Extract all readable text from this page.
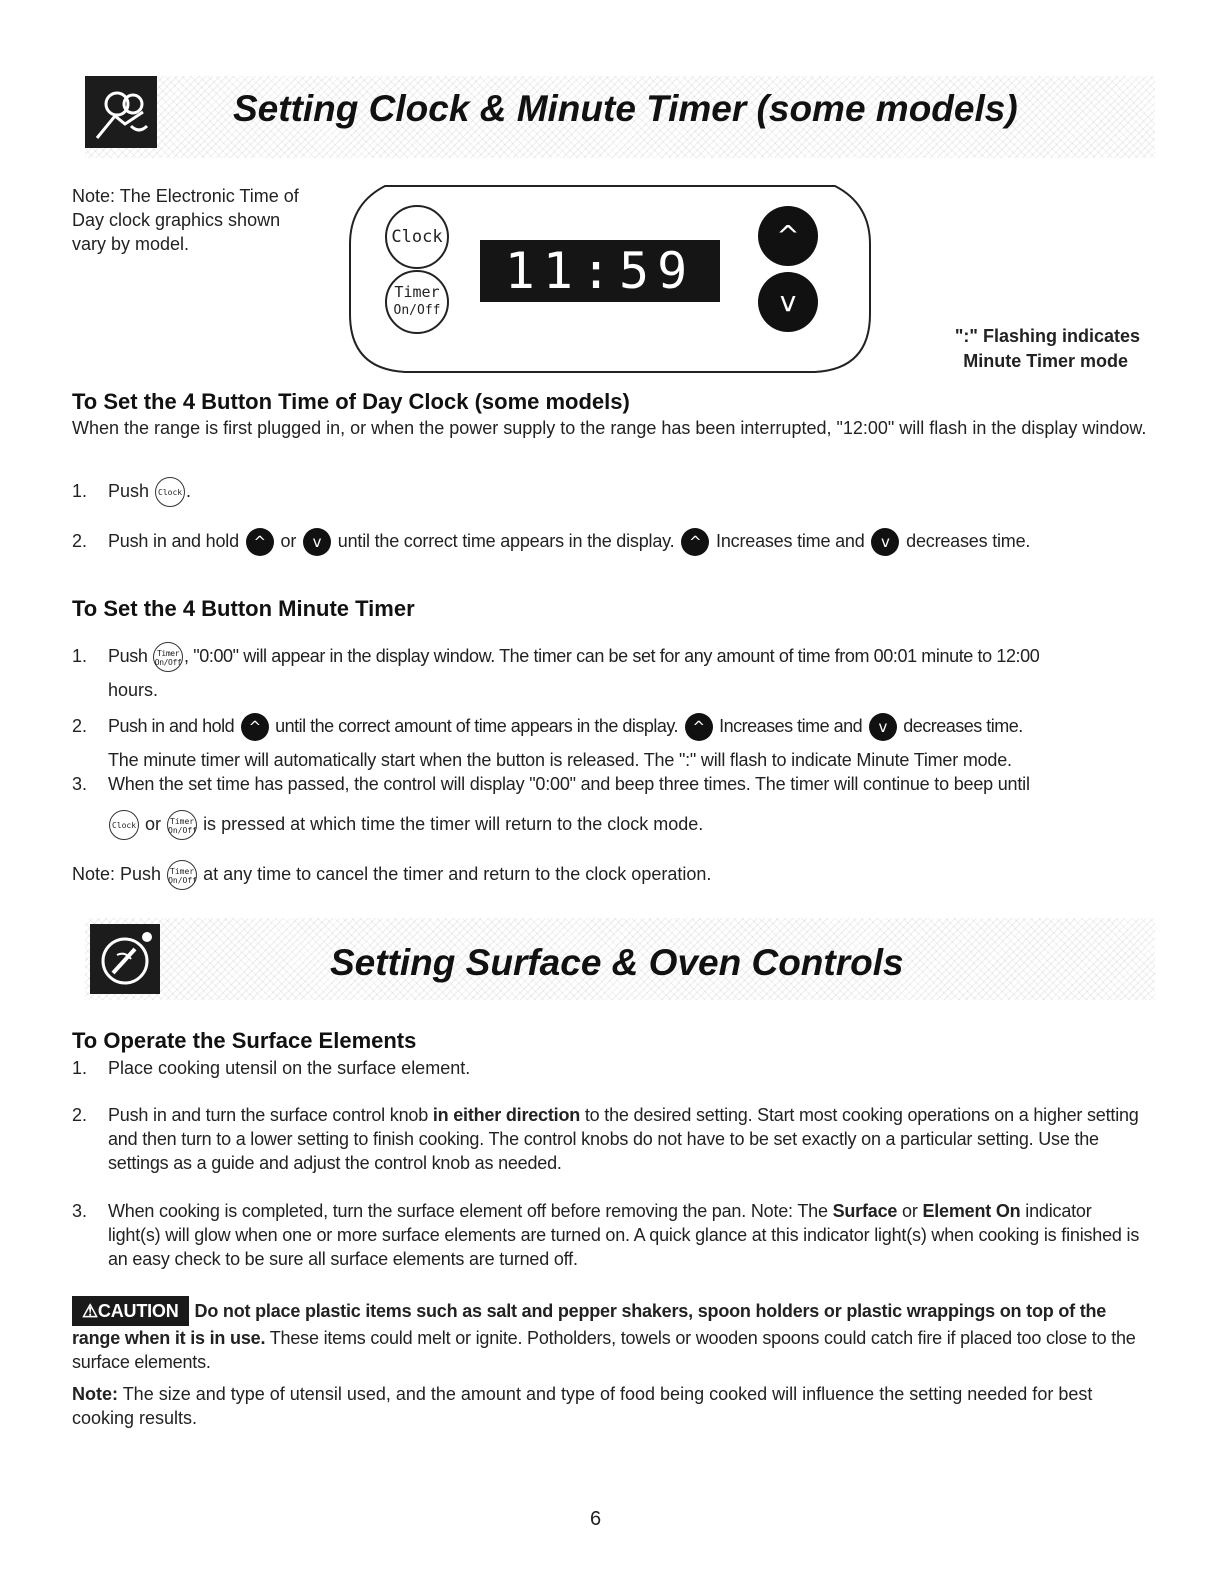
Setting Clock & Minute Timer (some models)

Note: The Electronic Time of Day clock graphics shown vary by model.	Clock
Timer
On/Off
11:59
^
v
":" Flashing indicates
Minute Timer mode
To Set the 4 Button Time of Day Clock (some models)

When the range is first plugged in, or when the power supply to the range has been interrupted, "12:00" will flash in the display window.

1. Push Clock .
2. Push in and hold ^ or v until the correct time appears in the display. ^ Increases time and v decreases time.
To Set the 4 Button Minute Timer
1. Push Timer
On/Off , "0:00" will appear in the display window. The timer can be set for any amount of time from 00:01 minute to 12:00
hours.
2. Push in and hold ^ until the correct amount of time appears in the display. ^ Increases time and v decreases time.
The minute timer will automatically start when the button is released. The ":" will flash to indicate Minute Timer mode.
3. When the set time has passed, the control will display "0:00" and beep three times. The timer will continue to beep until
Clock or Timer
On/Off is pressed at which time the timer will return to the clock mode.
Note: Push Timer
On/Off at any time to cancel the timer and return to the clock operation.
Setting Surface & Oven Controls
To Operate the Surface Elements
1. Place cooking utensil on the surface element.
2. Push in and turn the surface control knob in either direction to the desired setting. Start most cooking operations on a higher setting and then turn to a lower setting to finish cooking. The control knobs do not have to be set exactly on a particular setting. Use the settings as a guide and adjust the control knob as needed.

3. When cooking is completed, turn the surface element off before removing the pan. Note: The Surface or Element On indicator light(s) will glow when one or more surface elements are turned on. A quick glance at this indicator light(s) when cooking is finished is an easy check to be sure all surface elements are turned off.

⚠CAUTION Do not place plastic items such as salt and pepper shakers, spoon holders or plastic wrappings on top of the range when it is in use. These items could melt or ignite. Potholders, towels or wooden spoons could catch fire if placed too close to the surface elements.

Note: The size and type of utensil used, and the amount and type of food being cooked will influence the setting needed for best cooking results.

6
